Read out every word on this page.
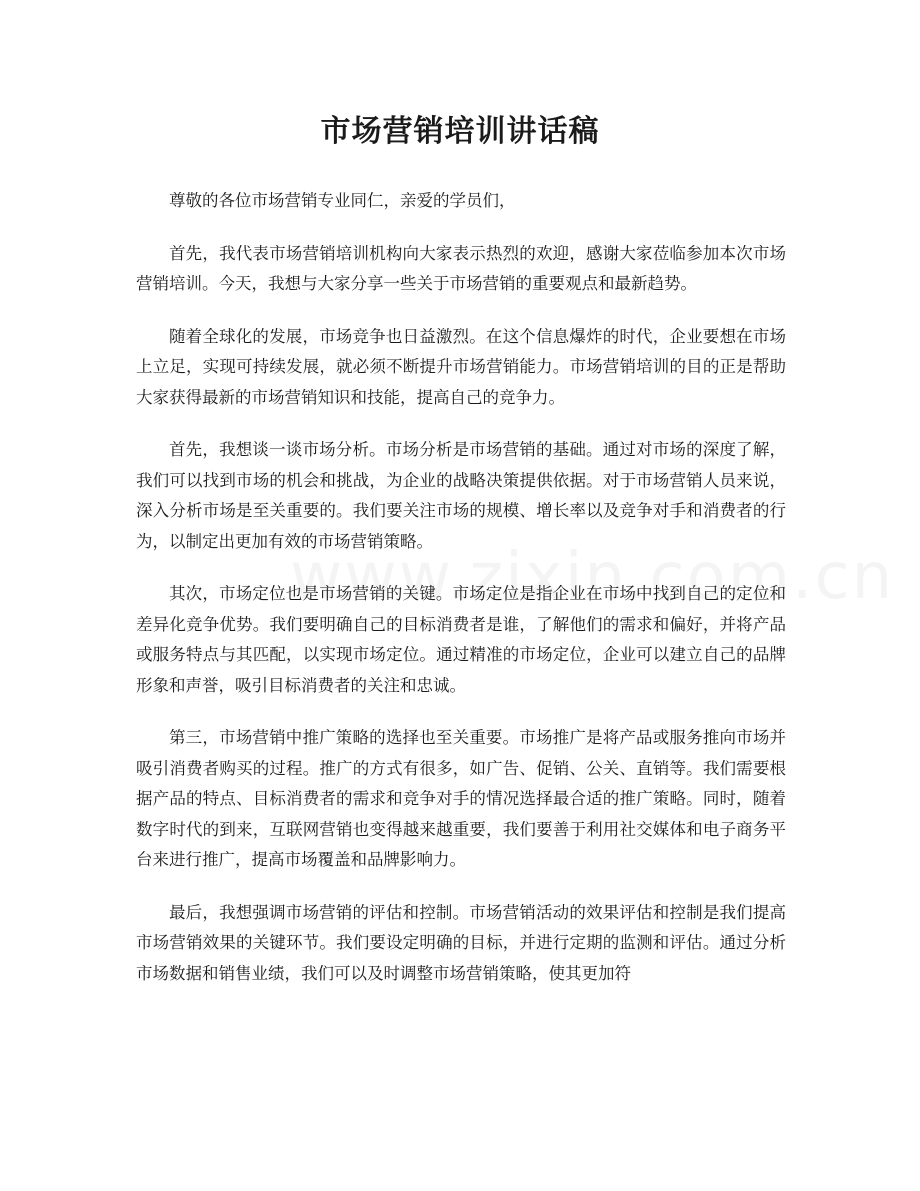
市场营销培训讲话稿

尊敬的各位市场营销专业同仁，亲爱的学员们，

首先，我代表市场营销培训机构向大家表示热烈的欢迎，感谢大家莅临参加本次市场营销培训。今天，我想与大家分享一些关于市场营销的重要观点和最新趋势。

随着全球化的发展，市场竞争也日益激烈。在这个信息爆炸的时代，企业要想在市场上立足，实现可持续发展，就必须不断提升市场营销能力。市场营销培训的目的正是帮助大家获得最新的市场营销知识和技能，提高自己的竞争力。

首先，我想谈一谈市场分析。市场分析是市场营销的基础。通过对市场的深度了解，我们可以找到市场的机会和挑战，为企业的战略决策提供依据。对于市场营销人员来说，深入分析市场是至关重要的。我们要关注市场的规模、增长率以及竞争对手和消费者的行为，以制定出更加有效的市场营销策略。

其次，市场定位也是市场营销的关键。市场定位是指企业在市场中找到自己的定位和差异化竞争优势。我们要明确自己的目标消费者是谁，了解他们的需求和偏好，并将产品或服务特点与其匹配，以实现市场定位。通过精准的市场定位，企业可以建立自己的品牌形象和声誉，吸引目标消费者的关注和忠诚。

第三，市场营销中推广策略的选择也至关重要。市场推广是将产品或服务推向市场并吸引消费者购买的过程。推广的方式有很多，如广告、促销、公关、直销等。我们需要根据产品的特点、目标消费者的需求和竞争对手的情况选择最合适的推广策略。同时，随着数字时代的到来，互联网营销也变得越来越重要，我们要善于利用社交媒体和电子商务平台来进行推广，提高市场覆盖和品牌影响力。

最后，我想强调市场营销的评估和控制。市场营销活动的效果评估和控制是我们提高市场营销效果的关键环节。我们要设定明确的目标，并进行定期的监测和评估。通过分析市场数据和销售业绩，我们可以及时调整市场营销策略，使其更加符
